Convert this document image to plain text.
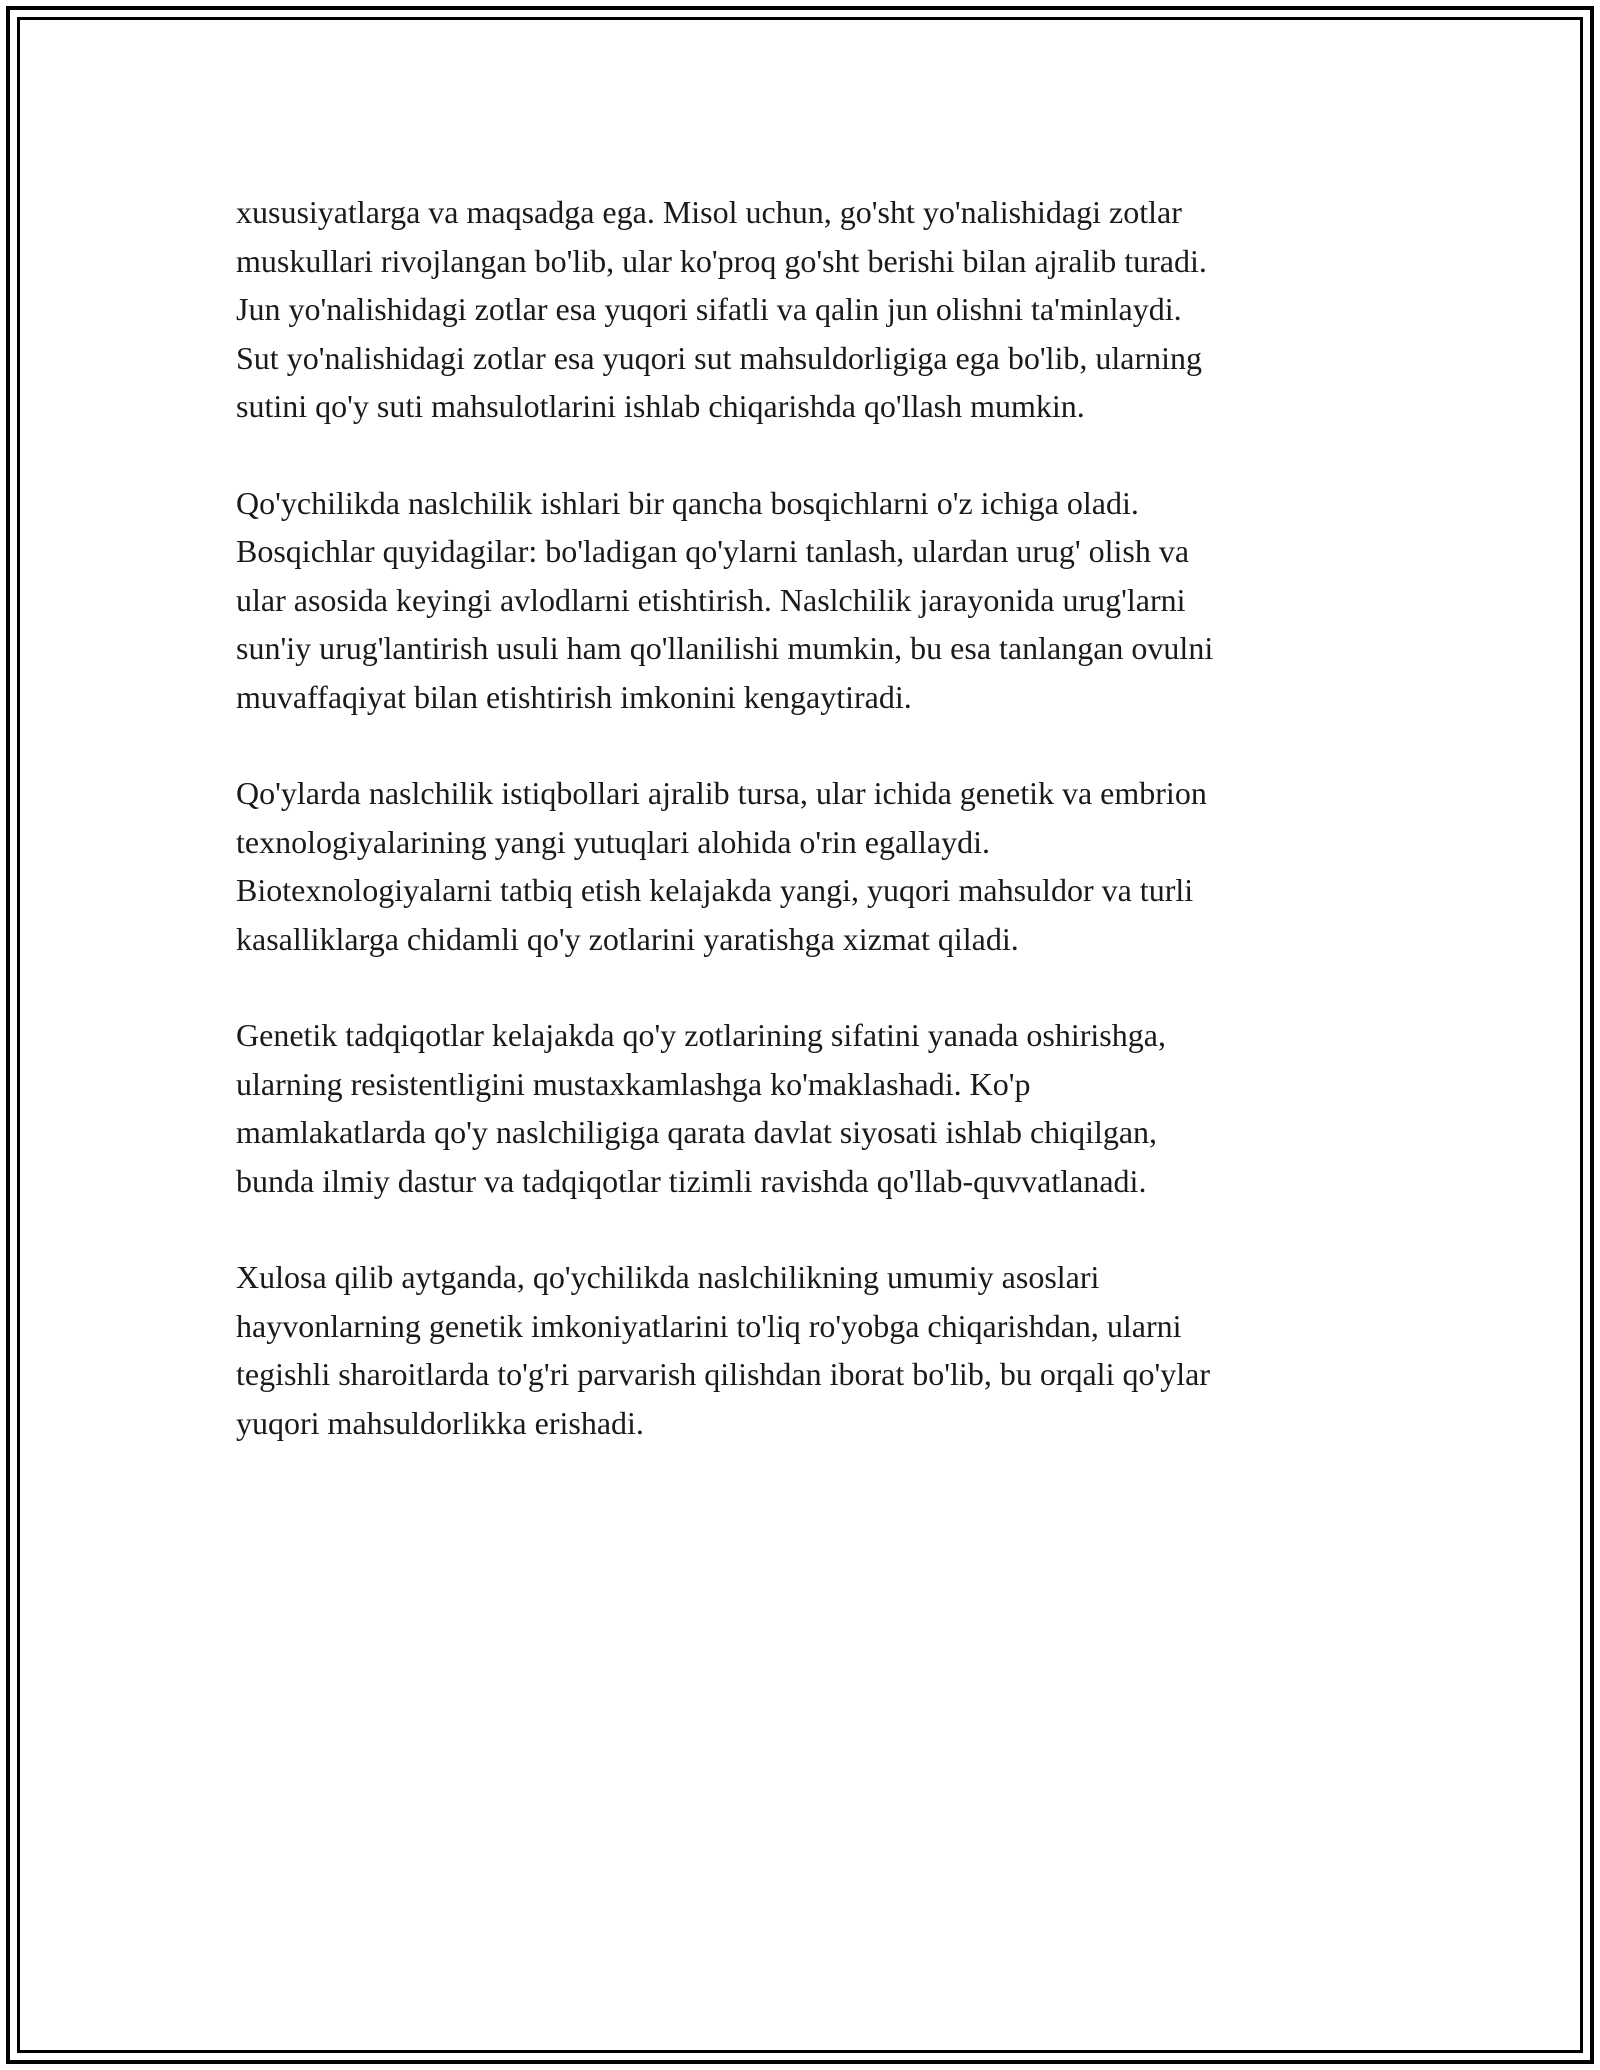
xususiyatlarga va maqsadga ega. Misol uchun, go'sht yo'nalishidagi zotlar
muskullari rivojlangan bo'lib, ular ko'proq go'sht berishi bilan ajralib turadi.
Jun yo'nalishidagi zotlar esa yuqori sifatli va qalin jun olishni ta'minlaydi.
Sut yo'nalishidagi zotlar esa yuqori sut mahsuldorligiga ega bo'lib, ularning
sutini qo'y suti mahsulotlarini ishlab chiqarishda qo'llash mumkin.

Qo'ychilikda naslchilik ishlari bir qancha bosqichlarni o'z ichiga oladi.
Bosqichlar quyidagilar: bo'ladigan qo'ylarni tanlash, ulardan urug' olish va
ular asosida keyingi avlodlarni etishtirish. Naslchilik jarayonida urug'larni
sun'iy urug'lantirish usuli ham qo'llanilishi mumkin, bu esa tanlangan ovulni
muvaffaqiyat bilan etishtirish imkonini kengaytiradi.

Qo'ylarda naslchilik istiqbollari ajralib tursa, ular ichida genetik va embrion
texnologiyalarining yangi yutuqlari alohida o'rin egallaydi.
Biotexnologiyalarni tatbiq etish kelajakda yangi, yuqori mahsuldor va turli
kasalliklarga chidamli qo'y zotlarini yaratishga xizmat qiladi.

Genetik tadqiqotlar kelajakda qo'y zotlarining sifatini yanada oshirishga,
ularning resistentligini mustaxkamlashga ko'maklashadi. Ko'p
mamlakatlarda qo'y naslchiligiga qarata davlat siyosati ishlab chiqilgan,
bunda ilmiy dastur va tadqiqotlar tizimli ravishda qo'llab-quvvatlanadi.

Xulosa qilib aytganda, qo'ychilikda naslchilikning umumiy asoslari
hayvonlarning genetik imkoniyatlarini to'liq ro'yobga chiqarishdan, ularni
tegishli sharoitlarda to'g'ri parvarish qilishdan iborat bo'lib, bu orqali qo'ylar
yuqori mahsuldorlikka erishadi.
